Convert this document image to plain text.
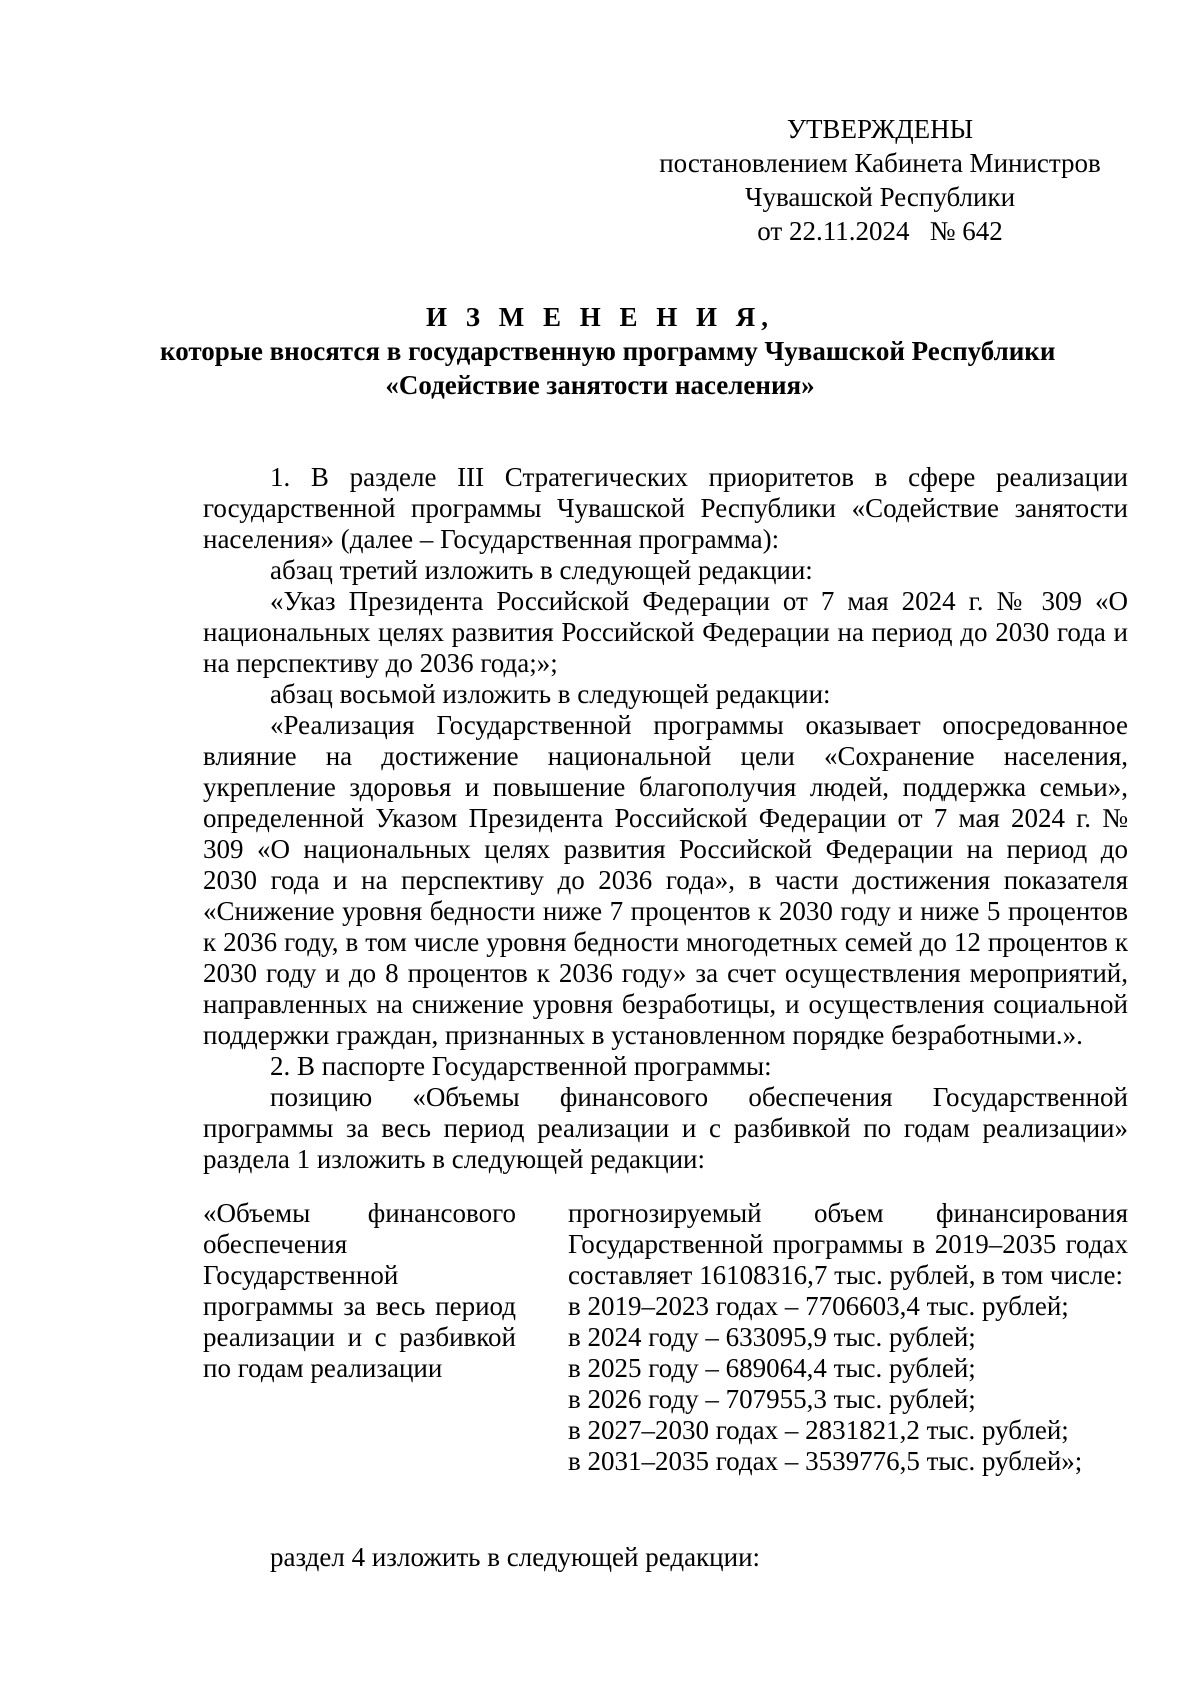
УТВЕРЖДЕНЫ
постановлением Кабинета Министров
Чувашской Республики
от 22.11.2024   № 642
И З М Е Н Е Н И Я,
которые вносятся в государственную программу Чувашской Республики
«Содействие занятости населения»

1. В разделе III Стратегических приоритетов в сфере реализации государственной программы Чувашской Республики «Содействие занятости населения» (далее – Государственная программа):

абзац третий изложить в следующей редакции:

«Указ Президента Российской Федерации от 7 мая 2024 г. № 309 «О национальных целях развития Российской Федерации на период до 2030 года и на перспективу до 2036 года;»;

абзац восьмой изложить в следующей редакции:

«Реализация Государственной программы оказывает опосредованное влияние на достижение национальной цели «Сохранение населения, укрепление здоровья и повышение благополучия людей, поддержка семьи», определенной Указом Президента Российской Федерации от 7 мая 2024 г. № 309 «О национальных целях развития Российской Федерации на период до 2030 года и на перспективу до 2036 года», в части достижения показателя «Снижение уровня бедности ниже 7 процентов к 2030 году и ниже 5 процентов к 2036 году, в том числе уровня бедности многодетных семей до 12 процентов к 2030 году и до 8 процентов к 2036 году» за счет осуществления мероприятий, направленных на снижение уровня безработицы, и осуществления социальной поддержки граждан, признанных в установленном порядке безработными.».

2. В паспорте Государственной программы:

позицию «Объемы финансового обеспечения Государственной программы за весь период реализации и с разбивкой по годам реализации» раздела 1 изложить в следующей редакции:

«Объемы финансового обеспечения Государственной программы за весь период реализации и с разбивкой по годам реализации

прогнозируемый объем финансирования Государственной программы в 2019–2035 годах составляет 16108316,7 тыс. рублей, в том числе:

в 2019–2023 годах – 7706603,4 тыс. рублей;
в 2024 году – 633095,9 тыс. рублей;
в 2025 году – 689064,4 тыс. рублей;
в 2026 году – 707955,3 тыс. рублей;
в 2027–2030 годах – 2831821,2 тыс. рублей;
в 2031–2035 годах – 3539776,5 тыс. рублей»;
раздел 4 изложить в следующей редакции:
